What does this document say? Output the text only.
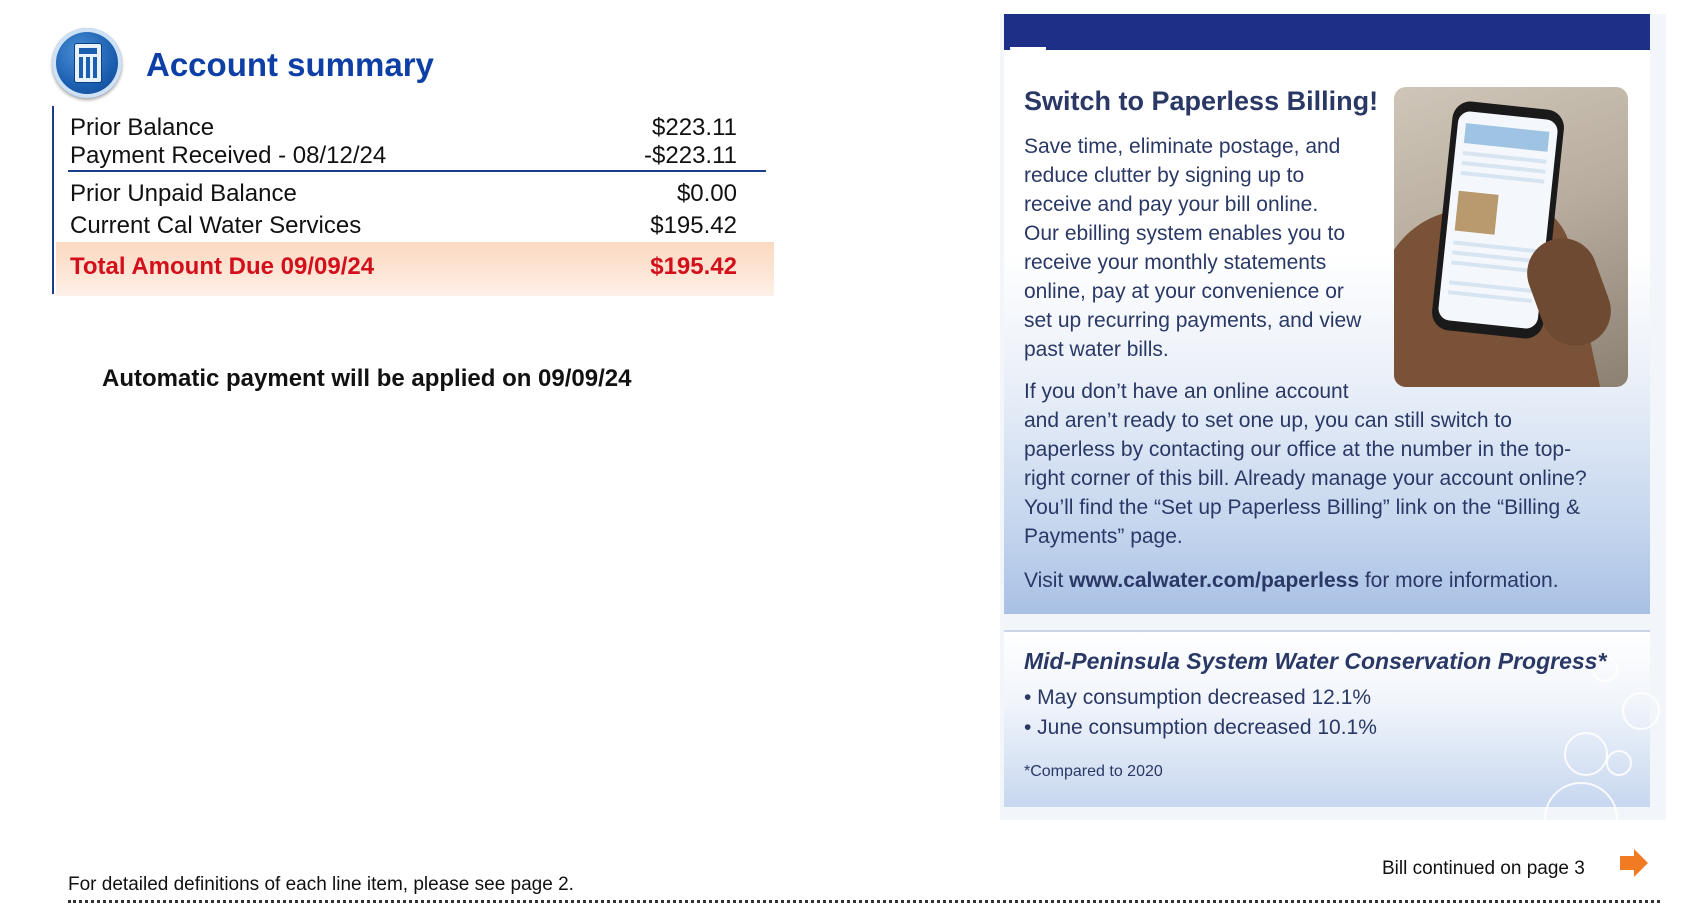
Account summary
Prior Balance	$223.11
Payment Received - 08/12/24	-$223.11
Prior Unpaid Balance	$0.00
Current Cal Water Services	$195.42
Total Amount Due 09/09/24	$195.42
Automatic payment will be applied on 09/09/24
Switch to Paperless Billing!
Save time, eliminate postage, and
reduce clutter by signing up to
receive and pay your bill online.
Our ebilling system enables you to
receive your monthly statements
online, pay at your convenience or
set up recurring payments, and view
past water bills.
If you don’t have an online account
and aren’t ready to set one up, you can still switch to
paperless by contacting our office at the number in the top-
right corner of this bill. Already manage your account online?
You’ll find the “Set up Paperless Billing” link on the “Billing &
Payments” page.
Visit www.calwater.com/paperless for more information.
Mid-Peninsula System Water Conservation Progress*
• May consumption decreased 12.1%
• June consumption decreased 10.1%
*Compared to 2020
Bill continued on page 3
For detailed definitions of each line item, please see page 2.
